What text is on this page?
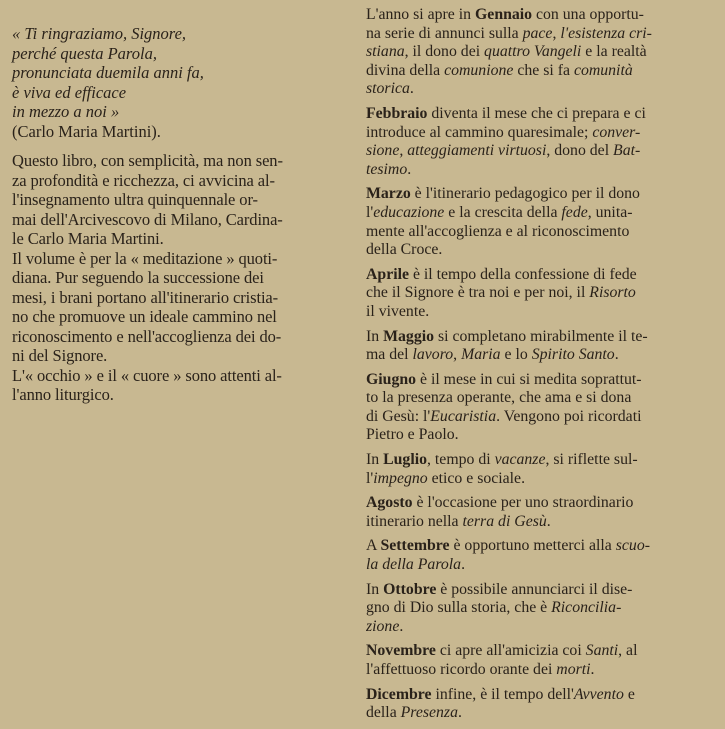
« Ti ringraziamo, Signore,
perché questa Parola,
pronunciata duemila anni fa,
è viva ed efficace
in mezzo a noi »
(Carlo Maria Martini).
Questo libro, con semplicità, ma non sen-
za profondità e ricchezza, ci avvicina al-
l'insegnamento ultra quinquennale or-
mai dell'Arcivescovo di Milano, Cardina-
le Carlo Maria Martini.
Il volume è per la « meditazione » quoti-
diana. Pur seguendo la successione dei
mesi, i brani portano all'itinerario cristia-
no che promuove un ideale cammino nel
riconoscimento e nell'accoglienza dei do-
ni del Signore.
L'« occhio » e il « cuore » sono attenti al-
l'anno liturgico.
L'anno si apre in Gennaio con una opportu-
na serie di annunci sulla pace, l'esistenza cri-
stiana, il dono dei quattro Vangeli e la realtà
divina della comunione che si fa comunità
storica.
Febbraio diventa il mese che ci prepara e ci
introduce al cammino quaresimale; conver-
sione, atteggiamenti virtuosi, dono del Bat-
tesimo.
Marzo è l'itinerario pedagogico per il dono
l'educazione e la crescita della fede, unita-
mente all'accoglienza e al riconoscimento
della Croce.
Aprile è il tempo della confessione di fede
che il Signore è tra noi e per noi, il Risorto
il vivente.
In Maggio si completano mirabilmente il te-
ma del lavoro, Maria e lo Spirito Santo.
Giugno è il mese in cui si medita soprattut-
to la presenza operante, che ama e si dona
di Gesù: l'Eucaristia. Vengono poi ricordati
Pietro e Paolo.
In Luglio, tempo di vacanze, si riflette sul-
l'impegno etico e sociale.
Agosto è l'occasione per uno straordinario
itinerario nella terra di Gesù.
A Settembre è opportuno metterci alla scuo-
la della Parola.
In Ottobre è possibile annunciarci il dise-
gno di Dio sulla storia, che è Riconcilia-
zione.
Novembre ci apre all'amicizia coi Santi, al
l'affettuoso ricordo orante dei morti.
Dicembre infine, è il tempo dell'Avvento e
della Presenza.
